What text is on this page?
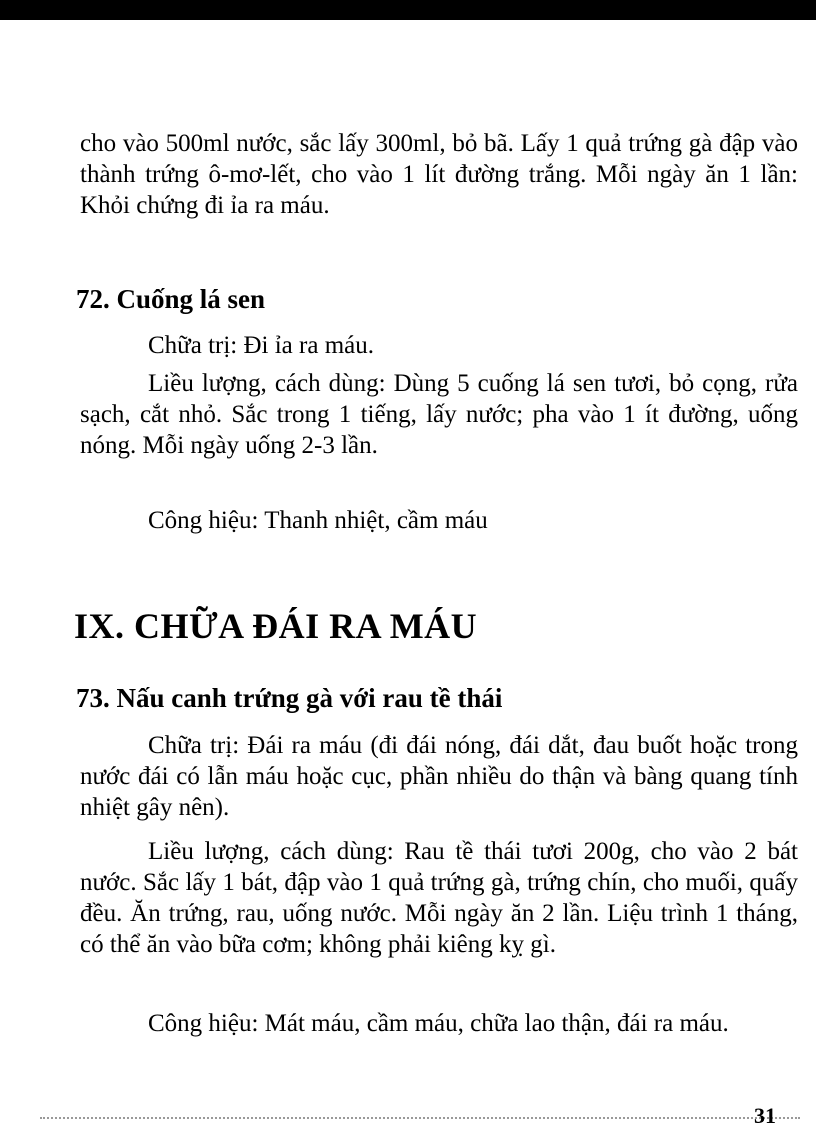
cho vào 500ml nước, sắc lấy 300ml, bỏ bã. Lấy 1 quả trứng gà đập vào thành trứng ô-mơ-lết, cho vào 1 lít đường trắng. Mỗi ngày ăn 1 lần: Khỏi chứng đi ỉa ra máu.

72. Cuống lá sen

Chữa trị: Đi ỉa ra máu.

Liều lượng, cách dùng: Dùng 5 cuống lá sen tươi, bỏ cọng, rửa sạch, cắt nhỏ. Sắc trong 1 tiếng, lấy nước; pha vào 1 ít đường, uống nóng. Mỗi ngày uống 2-3 lần.

Công hiệu: Thanh nhiệt, cầm máu

IX. CHỮA ĐÁI RA MÁU
73. Nấu canh trứng gà với rau tề thái

Chữa trị: Đái ra máu (đi đái nóng, đái dắt, đau buốt hoặc trong nước đái có lẫn máu hoặc cục, phần nhiều do thận và bàng quang tính nhiệt gây nên).

Liều lượng, cách dùng: Rau tề thái tươi 200g, cho vào 2 bát nước. Sắc lấy 1 bát, đập vào 1 quả trứng gà, trứng chín, cho muối, quấy đều. Ăn trứng, rau, uống nước. Mỗi ngày ăn 2 lần. Liệu trình 1 tháng, có thể ăn vào bữa cơm; không phải kiêng kỵ gì.

Công hiệu: Mát máu, cầm máu, chữa lao thận, đái ra máu.

31
